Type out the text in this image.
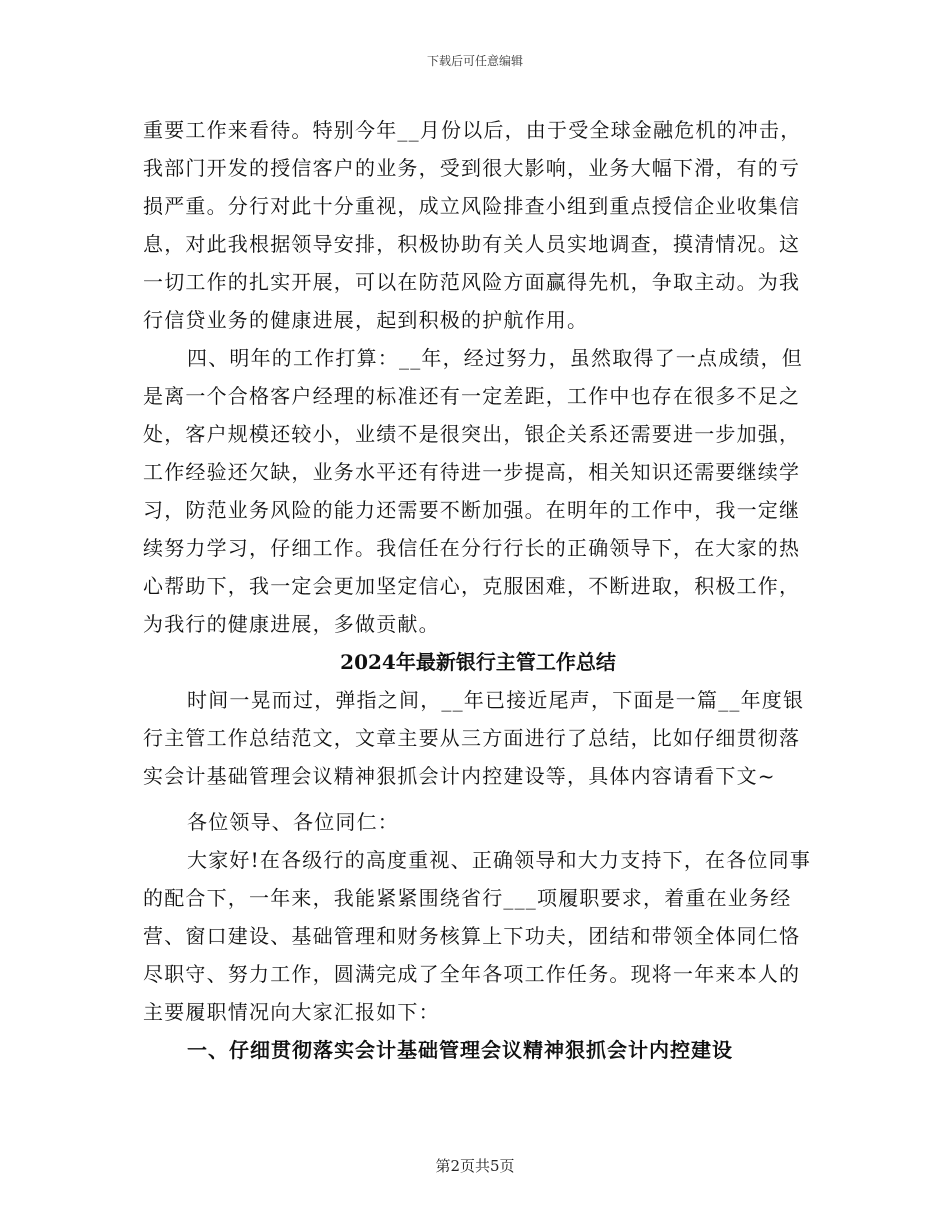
下载后可任意编辑

重要工作来看待。特别今年__月份以后，由于受全球金融危机的冲击，我部门开发的授信客户的业务，受到很大影响，业务大幅下滑，有的亏损严重。分行对此十分重视，成立风险排查小组到重点授信企业收集信息，对此我根据领导安排，积极协助有关人员实地调查，摸清情况。这一切工作的扎实开展，可以在防范风险方面赢得先机，争取主动。为我行信贷业务的健康进展，起到积极的护航作用。

四、明年的工作打算：__年，经过努力，虽然取得了一点成绩，但是离一个合格客户经理的标准还有一定差距，工作中也存在很多不足之处，客户规模还较小，业绩不是很突出，银企关系还需要进一步加强，工作经验还欠缺，业务水平还有待进一步提高，相关知识还需要继续学习，防范业务风险的能力还需要不断加强。在明年的工作中，我一定继续努力学习，仔细工作。我信任在分行行长的正确领导下，在大家的热心帮助下，我一定会更加坚定信心，克服困难，不断进取，积极工作，为我行的健康进展，多做贡献。

2024年最新银行主管工作总结

时间一晃而过，弹指之间，__年已接近尾声，下面是一篇__年度银行主管工作总结范文，文章主要从三方面进行了总结，比如仔细贯彻落实会计基础管理会议精神狠抓会计内控建设等，具体内容请看下文~

各位领导、各位同仁：

大家好!在各级行的高度重视、正确领导和大力支持下，在各位同事的配合下，一年来，我能紧紧围绕省行___项履职要求，着重在业务经营、窗口建设、基础管理和财务核算上下功夫，团结和带领全体同仁恪尽职守、努力工作，圆满完成了全年各项工作任务。现将一年来本人的主要履职情况向大家汇报如下：

一、仔细贯彻落实会计基础管理会议精神狠抓会计内控建设

第2页共5页
